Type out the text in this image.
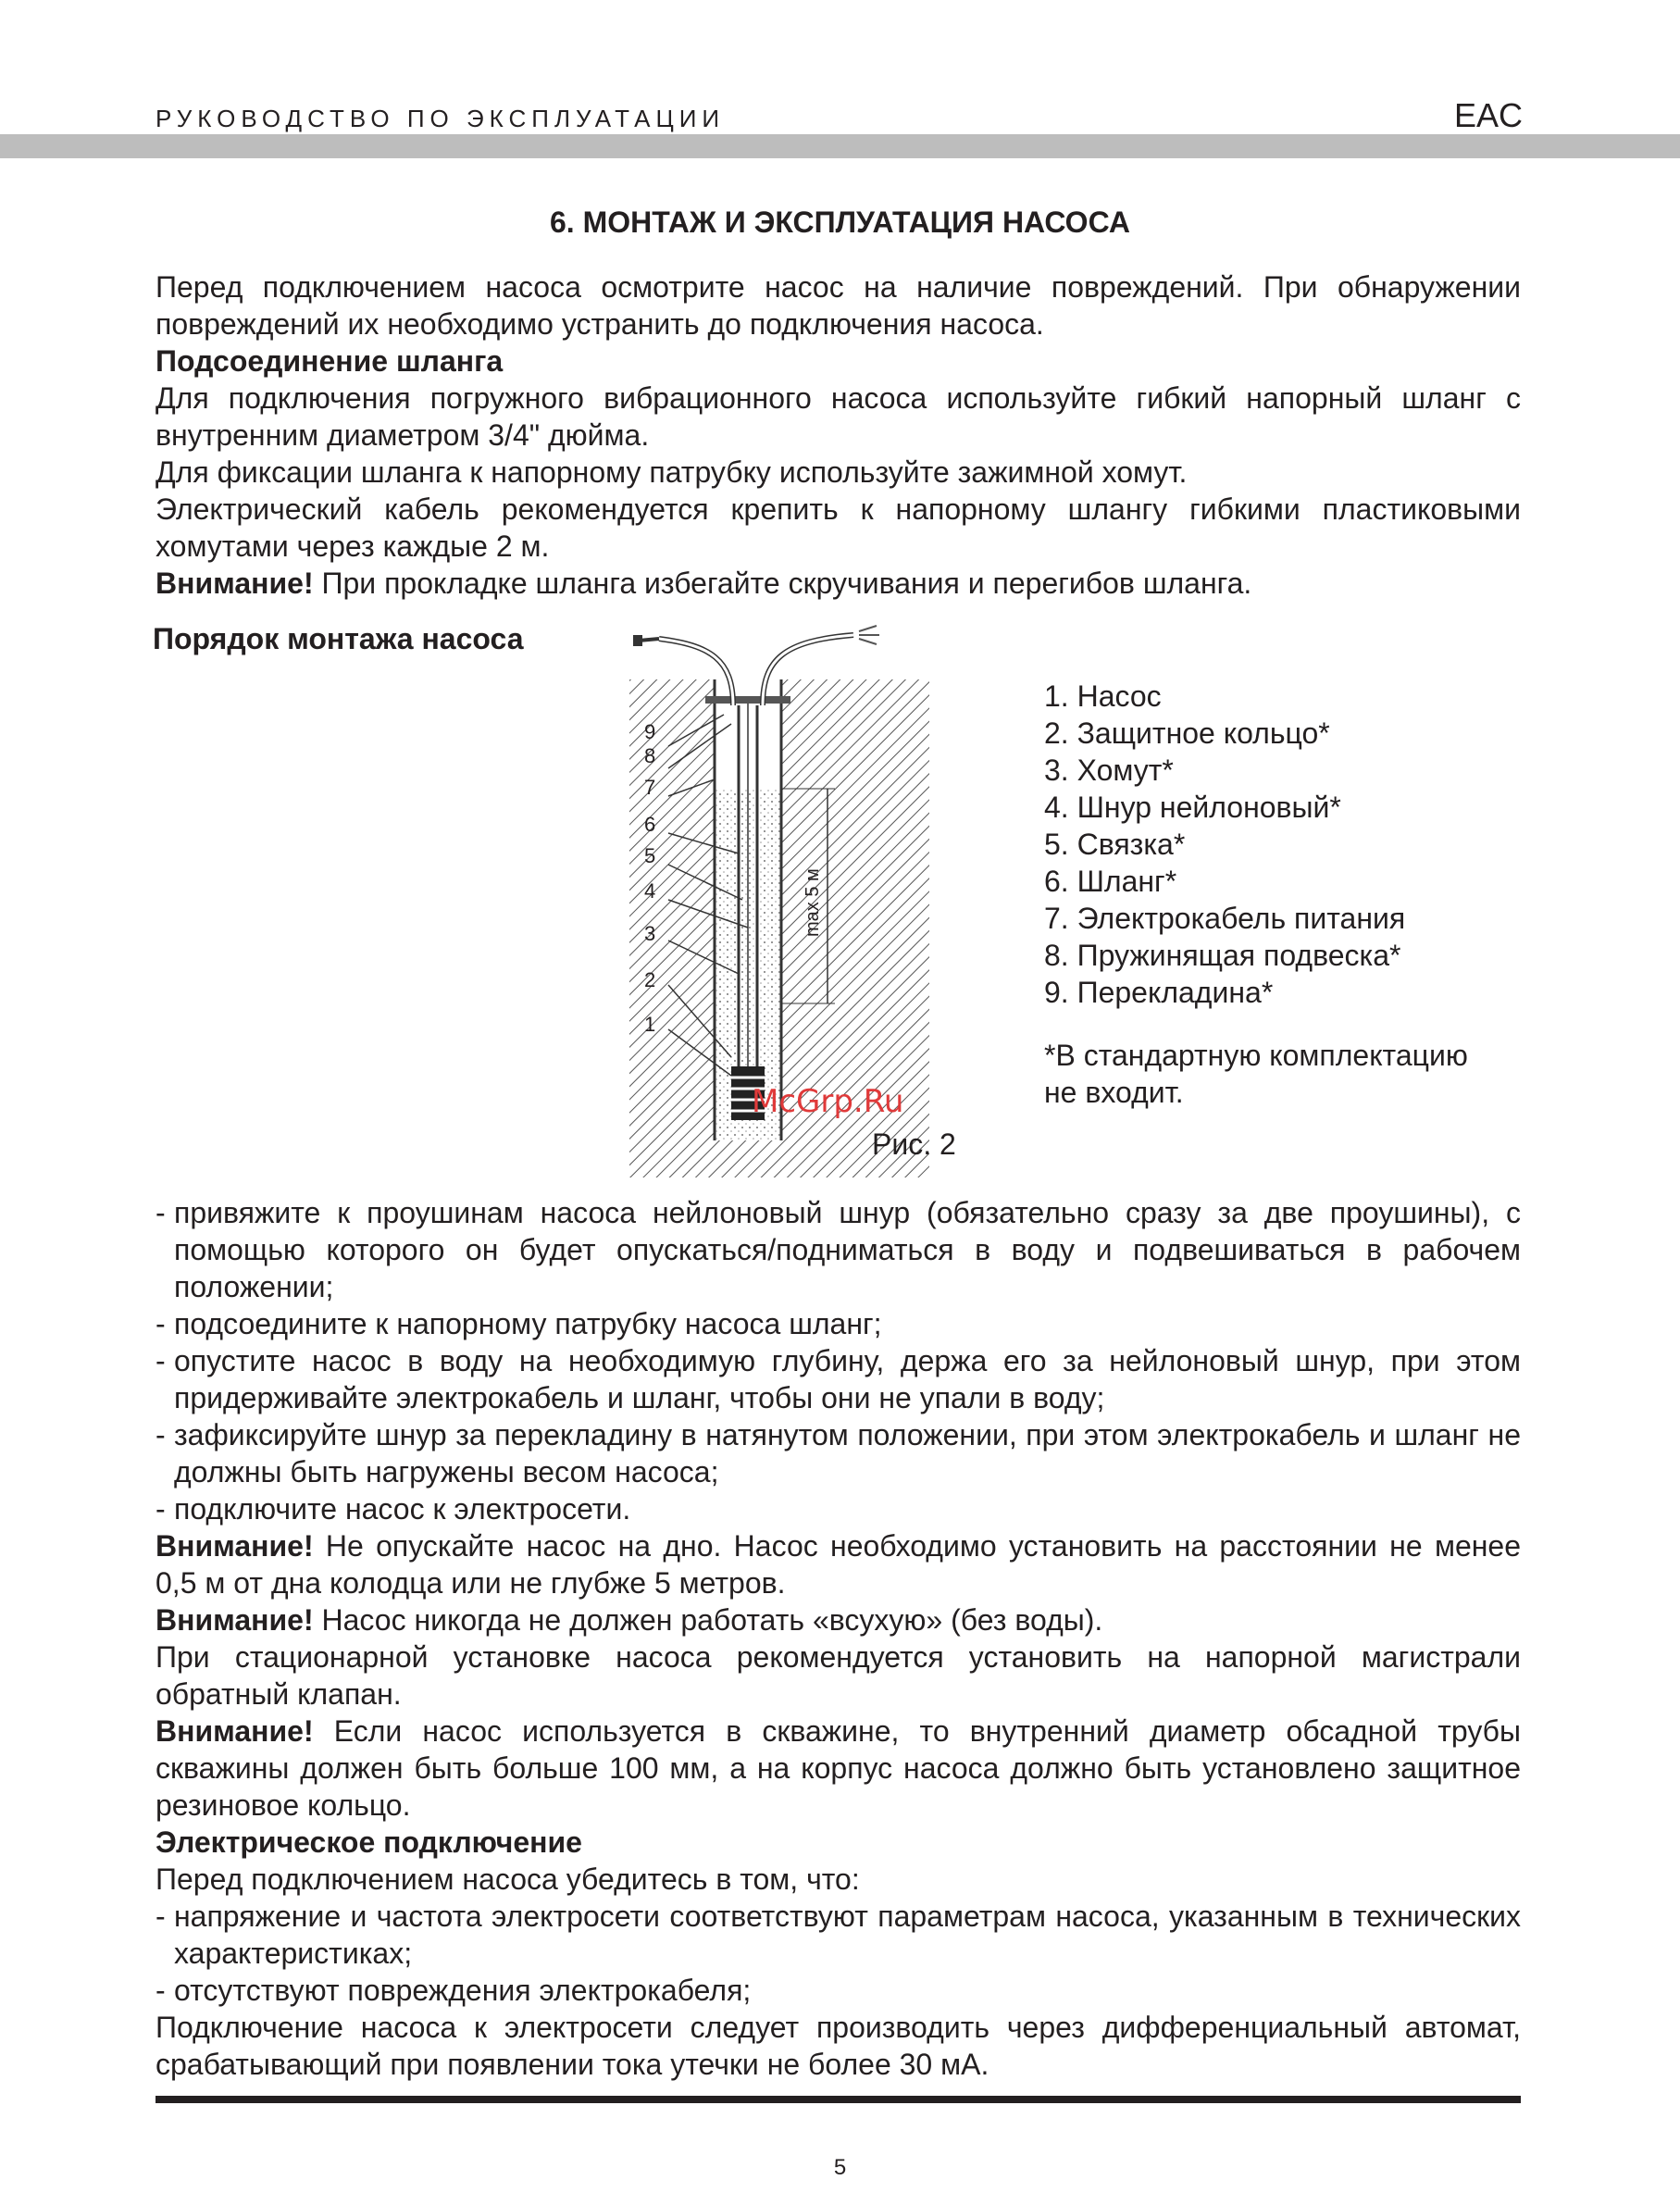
РУКОВОДСТВО ПО ЭКСПЛУАТАЦИИ	EAC
6. МОНТАЖ И ЭКСПЛУАТАЦИЯ НАСОСА

Перед подключением насоса осмотрите насос на наличие повреждений. При обнаружении повреждений их необходимо устранить до подключения насоса.

Подсоединение шланга

Для подключения погружного вибрационного насоса используйте гибкий напорный шланг с внутренним диаметром 3/4" дюйма.

Для фиксации шланга к напорному патрубку используйте зажимной хомут.

Электрический кабель рекомендуется крепить к напорному шлангу гибкими пластиковыми хомутами через каждые 2 м.

Внимание! При прокладке шланга избегайте скручивания и перегибов шланга.

Порядок монтажа насоса
max 5 м
9
8
7
6
5
4
3
2
1
McGrp.Ru
Рис. 2
1. Насос
2. Защитное кольцо*
3. Хомут*
4. Шнур нейлоновый*
5. Связка*
6. Шланг*
7. Электрокабель питания
8. Пружинящая подвеска*
9. Перекладина*
*В стандартную комплектацию
не входит.

- привяжите к проушинам насоса нейлоновый шнур (обязательно сразу за две проушины), с помощью которого он будет опускаться/подниматься в воду и подвешиваться в рабочем положении;

- подсоедините к напорному патрубку насоса шланг;

- опустите насос в воду на необходимую глубину, держа его за нейлоновый шнур, при этом придерживайте электрокабель и шланг, чтобы они не упали в воду;

- зафиксируйте шнур за перекладину в натянутом положении, при этом электрокабель и шланг не должны быть нагружены весом насоса;

- подключите насос к электросети.

Внимание! Не опускайте насос на дно. Насос необходимо установить на расстоянии не менее 0,5 м от дна колодца или не глубже 5 метров.

Внимание! Насос никогда не должен работать «всухую» (без воды).

При стационарной установке насоса рекомендуется установить на напорной магистрали обратный клапан.

Внимание! Если насос используется в скважине, то внутренний диаметр обсадной трубы скважины должен быть больше 100 мм, а на корпус насоса должно быть установлено защитное резиновое кольцо.

Электрическое подключение

Перед подключением насоса убедитесь в том, что:

- напряжение и частота электросети соответствуют параметрам насоса, указанным в технических характеристиках;

- отсутствуют повреждения электрокабеля;

Подключение насоса к электросети следует производить через дифференциальный автомат, срабатывающий при появлении тока утечки не более 30 мА.

5
